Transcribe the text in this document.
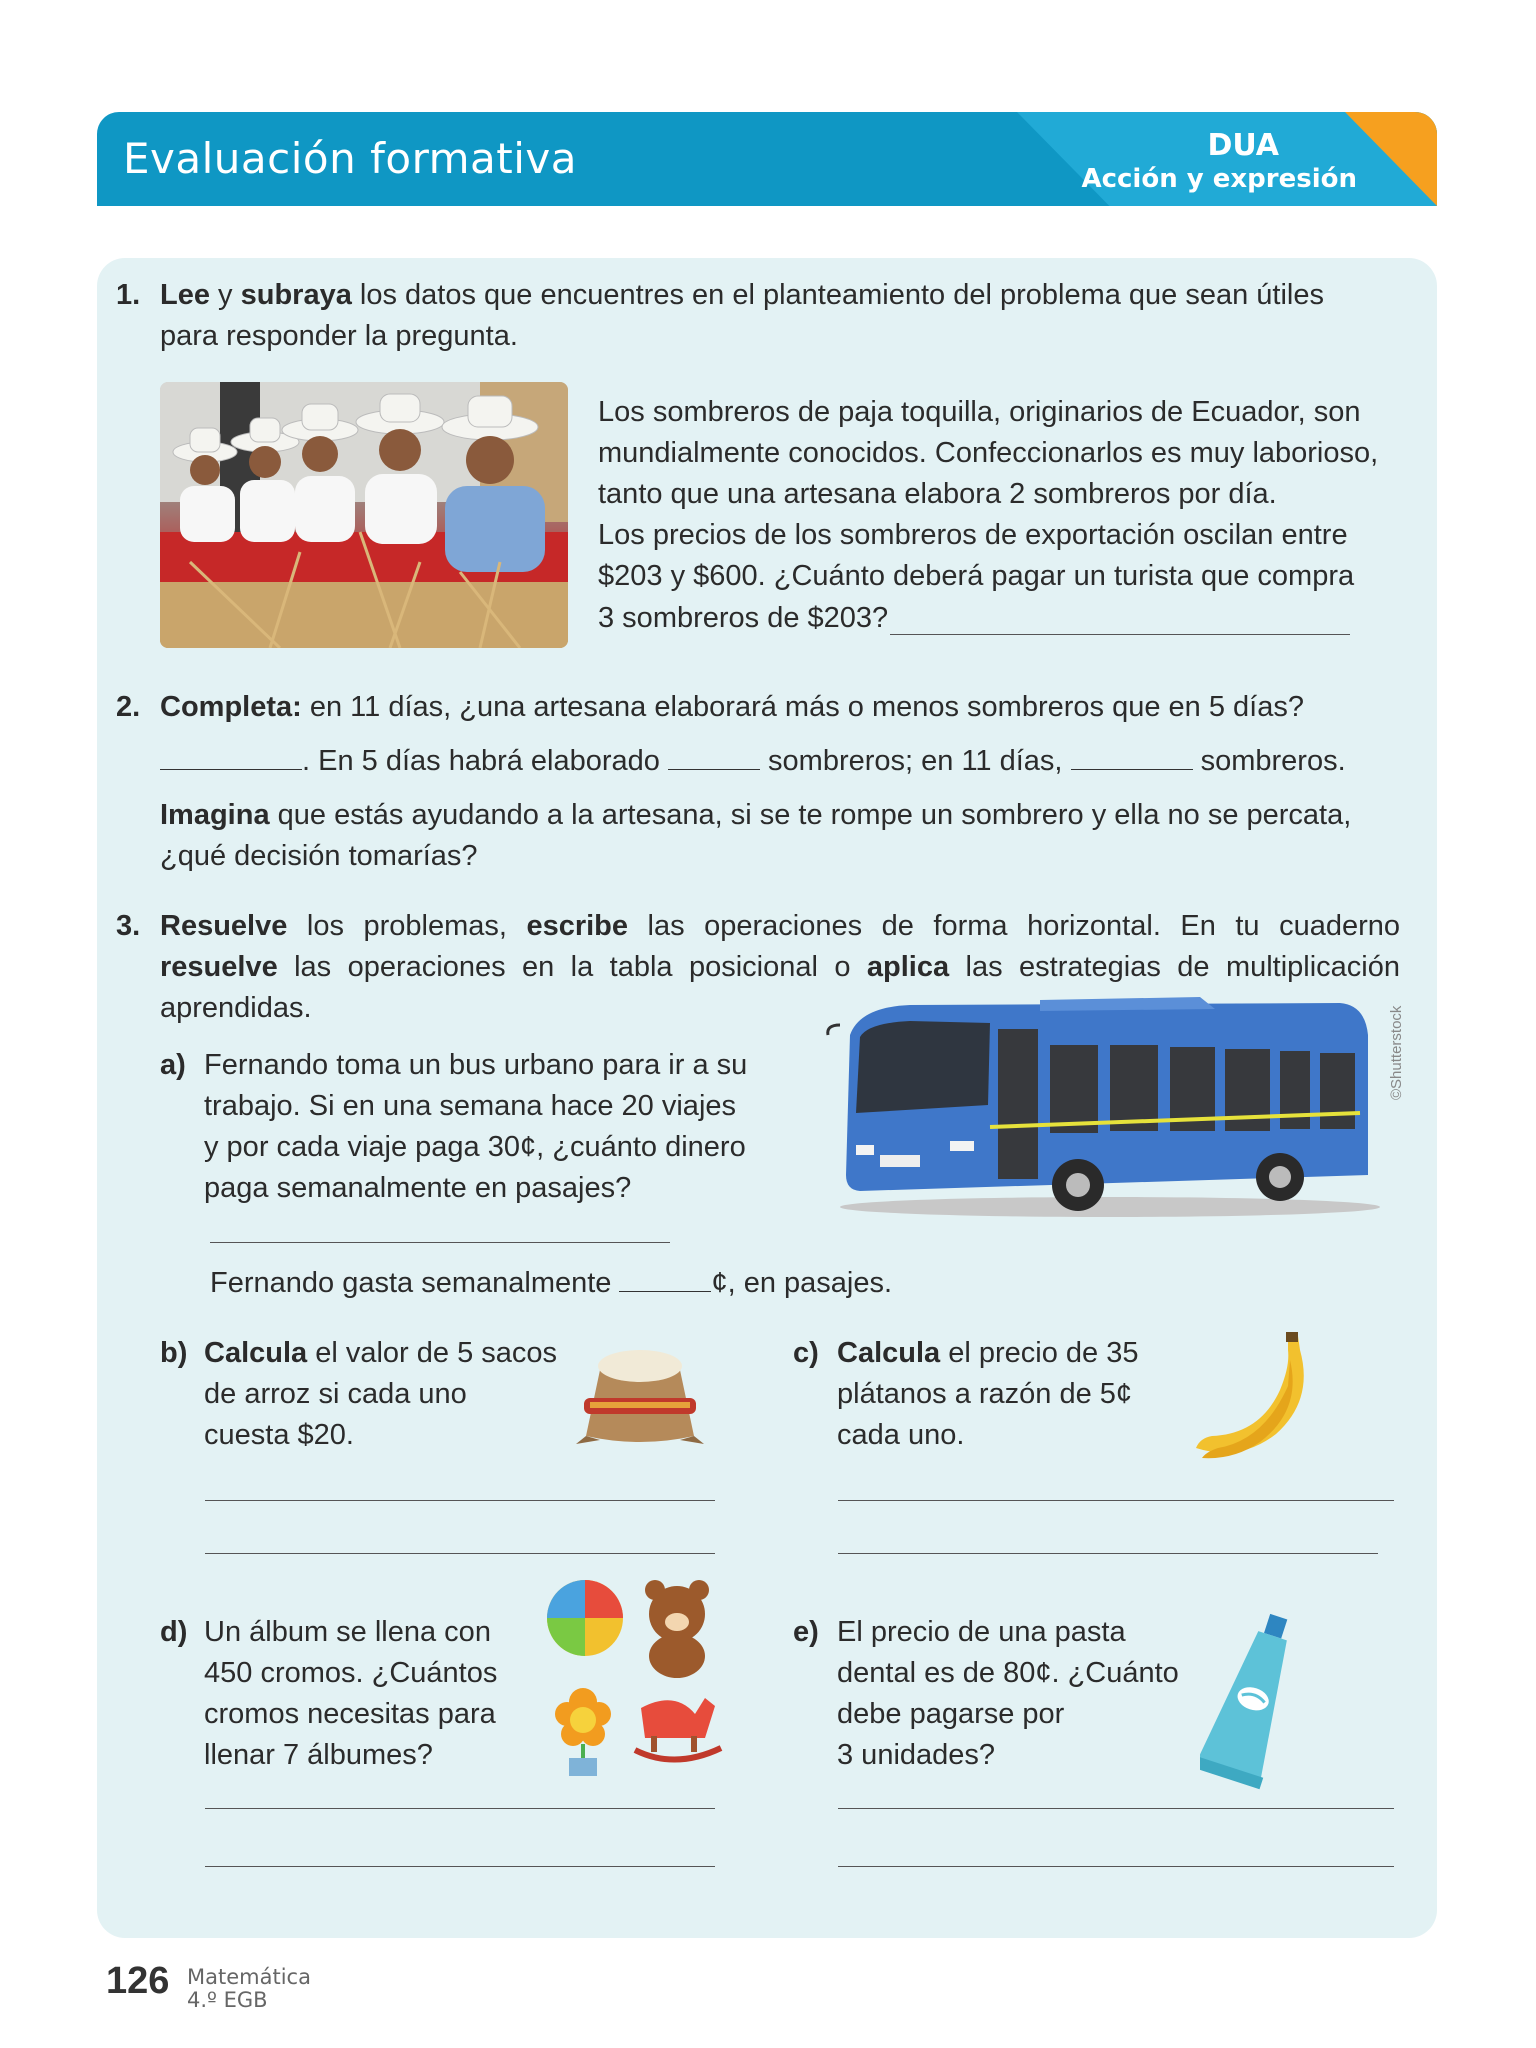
Evaluación formativa	DUA
Acción y expresión
1. Lee y subraya los datos que encuentres en el planteamiento del problema que sean útiles
para responder la pregunta.
Los sombreros de paja toquilla, originarios de Ecuador, son
mundialmente conocidos. Confeccionarlos es muy laborioso,
tanto que una artesana elabora 2 sombreros por día.
Los precios de los sombreros de exportación oscilan entre
$203 y $600. ¿Cuánto deberá pagar un turista que compra
3 sombreros de $203?
2. Completa: en 11 días, ¿una artesana elaborará más o menos sombreros que en 5 días?
. En 5 días habrá elaborado	sombreros; en 11 días,	sombreros.
Imagina que estás ayudando a la artesana, si se te rompe un sombrero y ella no se percata,
¿qué decisión tomarías?
3. Resuelve los problemas, escribe las operaciones de forma horizontal. En tu cuaderno
resuelve las operaciones en la tabla posicional o aplica las estrategias de multiplicación
aprendidas.
a) Fernando toma un bus urbano para ir a su
trabajo. Si en una semana hace 20 viajes
y por cada viaje paga 30¢, ¿cuánto dinero
paga semanalmente en pasajes?
Fernando gasta semanalmente	¢, en pasajes.
©Shutterstock
b) Calcula el valor de 5 sacos
de arroz si cada uno
cuesta $20.
c) Calcula el precio de 35
plátanos a razón de 5¢
cada uno.
d) Un álbum se llena con
450 cromos. ¿Cuántos
cromos necesitas para
llenar 7 álbumes?
e) El precio de una pasta
dental es de 80¢. ¿Cuánto
debe pagarse por
3 unidades?
126 Matemática
4.º EGB
